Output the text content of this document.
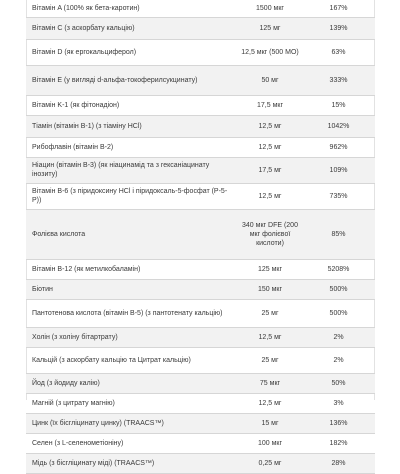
Вітамін A (100% як бета-каротин)	1500 мкг	167%
Вітамін C (з аскорбату кальцію)	125 мг	139%
Вітамін D (як ергокальциферол)	12,5 мкг (500 МО)	63%
Вітамін E (у вигляді d-альфа-токоферилсукцинату)	50 мг	333%
Вітамін K-1 (як фітонадіон)	17,5 мкг	15%
Тіамін (вітамін B-1) (з тіаміну HCl)	12,5 мг	1042%
Рибофлавін (вітамін B-2)	12,5 мг	962%
Ніацин (вітамін B-3) (як ніацинамід та з гексаніацинату інозиту)	17,5 мг	109%
Вітамін B-6 (з піридоксину HCl і піридоксаль-5-фосфат (P-5-P))	12,5 мг	735%
Фолієва кислота	340 мкг DFE (200 мкг фолієвої кислоти)	85%
Вітамін B-12 (як метилкобаламін)	125 мкг	5208%
Біотин	150 мкг	500%
Пантотенова кислота (вітамін B-5) (з пантотенату кальцію)	25 мг	500%
Холін (з холіну бітартрату)	12,5 мг	2%
Кальцій (з аскорбату кальцію та Цитрат кальцію)	25 мг	2%
Йод (з йодиду калію)	75 мкг	50%
Магній (з цитрату магнію)	12,5 мг	3%
Цинк (їх бісгліцинату цинку) (TRAACS™)	15 мг	136%
Селен (з L-селенометіоніну)	100 мкг	182%
Мідь (з бісгліцинату міді) (TRAACS™)	0,25 мг	28%
